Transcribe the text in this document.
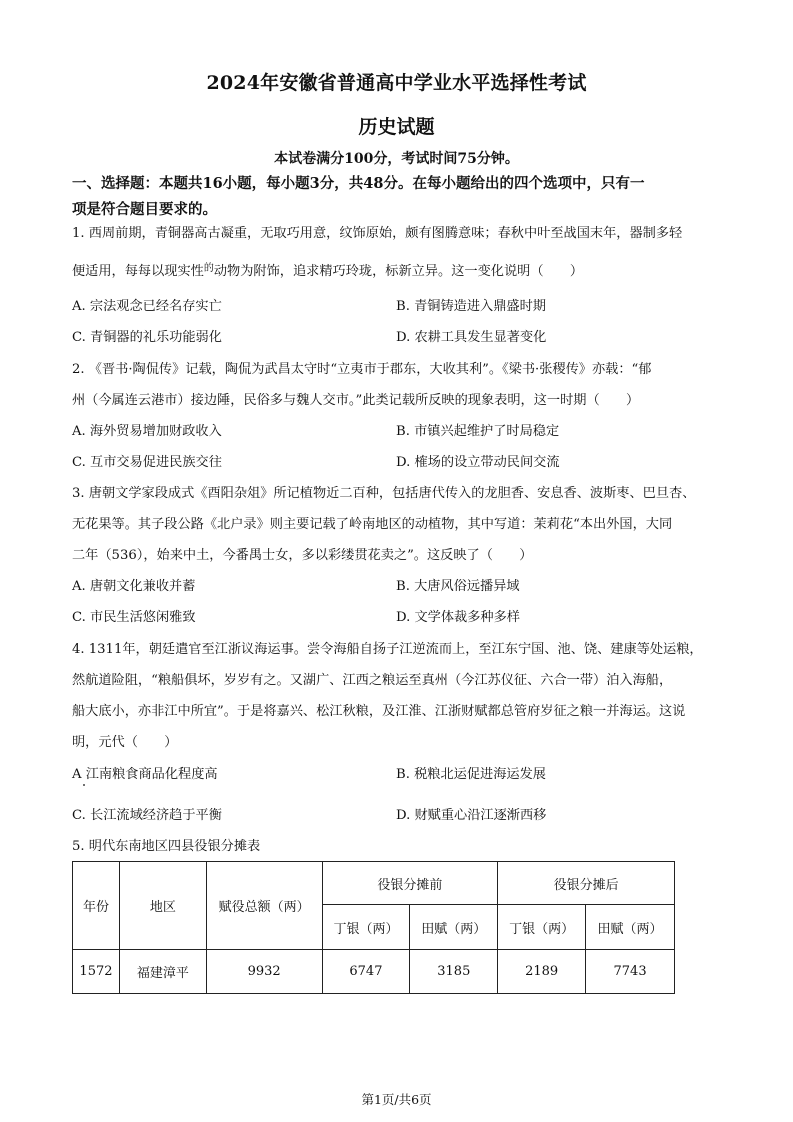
2024年安徽省普通高中学业水平选择性考试
历史试题
本试卷满分100分，考试时间75分钟。
一、选择题：本题共16小题，每小题3分，共48分。在每小题给出的四个选项中，只有一
项是符合题目要求的。
1. 西周前期，青铜器高古凝重，无取巧用意，纹饰原始，颇有图腾意味；春秋中叶至战国末年，器制多轻
便适用，每每以现实性$^的$动物为附饰，追求精巧玲珑，标新立异。这一变化说明（　　）
A. 宗法观念已经名存实亡	B. 青铜铸造进入鼎盛时期
C. 青铜器的礼乐功能弱化	D. 农耕工具发生显著变化
2. 《晋书·陶侃传》记载，陶侃为武昌太守时“立夷市于郡东，大收其利”。《梁书·张稷传》亦载：“郁
州（今属连云港市）接边陲，民俗多与魏人交市。”此类记载所反映的现象表明，这一时期（　　）
A. 海外贸易增加财政收入	B. 市镇兴起维护了时局稳定
C. 互市交易促进民族交往	D. 榷场的设立带动民间交流
3. 唐朝文学家段成式《酉阳杂俎》所记植物近二百种，包括唐代传入的龙胆香、安息香、波斯枣、巴旦杏、
无花果等。其子段公路《北户录》则主要记载了岭南地区的动植物，其中写道：茉莉花“本出外国，大同
二年（536），始来中土，今番禺士女，多以彩缕贯花卖之”。这反映了（　　）
A. 唐朝文化兼收并蓄	B. 大唐风俗远播异域
C. 市民生活悠闲雅致	D. 文学体裁多种多样
4. 1311年，朝廷遣官至江浙议海运事。尝令海船自扬子江逆流而上，至江东宁国、池、饶、建康等处运粮，
然航道险阻，“粮船俱坏，岁岁有之。又湖广、江西之粮运至真州（今江苏仪征、六合一带）泊入海船，
船大底小，亦非江中所宜”。于是将嘉兴、松江秋粮，及江淮、江浙财赋都总管府岁征之粮一并海运。这说
明，元代（　　）
A 江南粮食商品化程度高	B. 税粮北运促进海运发展
C. 长江流域经济趋于平衡	D. 财赋重心沿江逐渐西移
5. 明代东南地区四县役银分摊表
年份	地区	赋役总额（两）	役银分摊前		役银分摊后	
			丁银（两）	田赋（两）	丁银（两）	田赋（两）
1572	福建漳平	9932	6747	3185	2189	7743
第1页/共6页
